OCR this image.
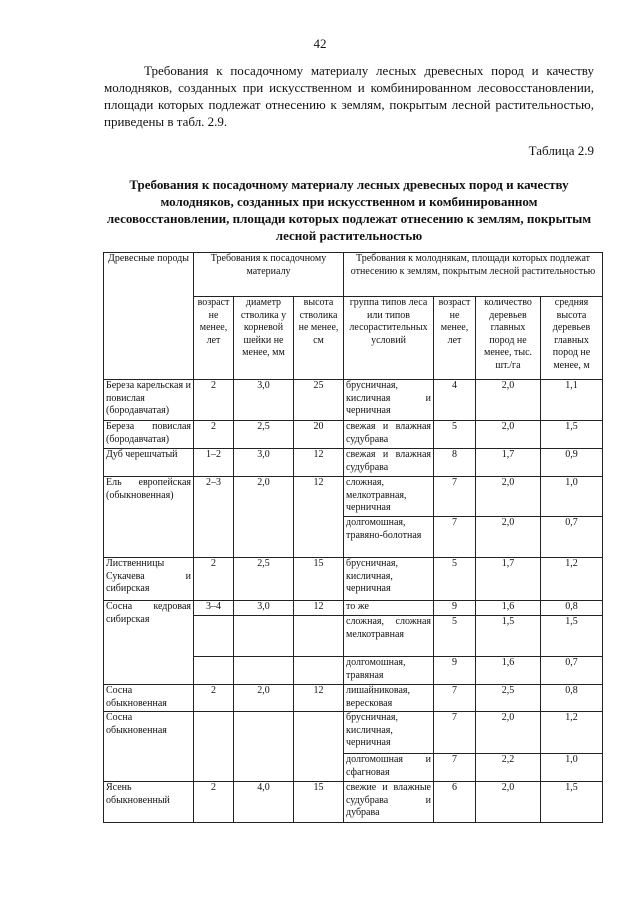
42

Требования к посадочному материалу лесных древесных пород и качеству молодняков, созданных при искусственном и комбинированном лесовосстановлении, площади которых подлежат отнесению к землям, покрытым лесной растительностью, приведены в табл. 2.9.

Таблица 2.9

Требования к посадочному материалу лесных древесных пород и качеству молодняков, созданных при искусственном и комбинированном лесовосстановлении, площади которых подлежат отнесению к землям, покрытым лесной растительностью

Древесные породы	Требования к посадочному материалу			Требования к молоднякам, площади которых подлежат отнесению к землям, покрытым лесной растительностью			
	возраст не менее, лет	диаметр стволика у корневой шейки не менее, мм	высота стволика не менее, см	группа типов леса или типов лесорастительных условий	возраст не менее, лет	количество деревьев главных пород не менее, тыс. шт./га	средняя высота деревьев главных пород не менее, м
Береза карельская и повислая (бородавчатая)	2	3,0	25	брусничная, кисличная и черничная	4	2,0	1,1
Береза повислая (бородавчатая)	2	2,5	20	свежая и влажная судубрава	5	2,0	1,5
Дуб черешчатый	1–2	3,0	12	свежая и влажная судубрава	8	1,7	0,9
Ель европейская (обыкновенная)	2–3	2,0	12	сложная, мелкотравная, черничная	7	2,0	1,0
				долгомошная, травяно-болотная	7	2,0	0,7
Лиственницы Сукачева и сибирская	2	2,5	15	брусничная, кисличная, черничная	5	1,7	1,2
Сосна кедровая сибирская	3–4	3,0	12	то же	9	1,6	0,8
				сложная, сложная мелкотравная	5	1,5	1,5
				долгомошная, травяная	9	1,6	0,7
Сосна обыкновенная	2	2,0	12	лишайниковая, вересковая	7	2,5	0,8
Сосна обыкновенная				брусничная, кисличная, черничная	7	2,0	1,2
				долгомошная и сфагновая	7	2,2	1,0
Ясень обыкновенный	2	4,0	15	свежие и влажные судубрава и дубрава	6	2,0	1,5
